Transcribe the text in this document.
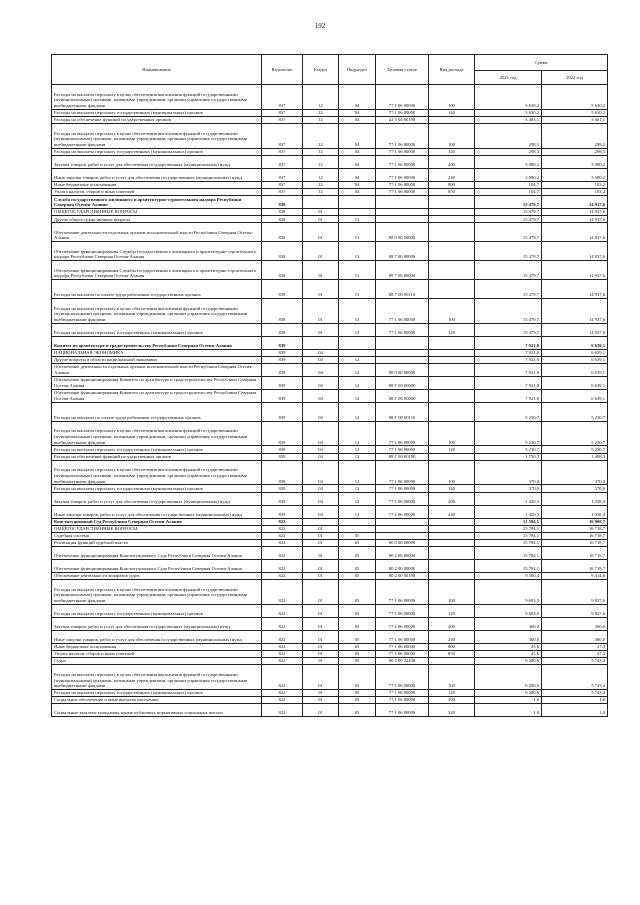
192
Наименование	Ведомство	Раздел	Подраздел	Целевая статья	Вид расхода	Сумма	
						2021 год	2022 год
Расходы на выплаты персоналу в целях обеспечения выполнения функций государственными (муниципальными) органами, казенными учреждениями, органами управления государственными внебюджетными фондами	837	12	04	77 1 06 00000	100	5 630,2	5 630,2
Расходы на выплаты персоналу государственных (муниципальных) органов	837	12	04	77 1 06 00000	120	5 630,2	5 630,2
Расходы на обеспечение функций государственных органов	837	12	04	22 5 04 00190		3 483,1	3 461,1
Расходы на выплаты персоналу в целях обеспечения выполнения функций государственными (муниципальными) органами, казенными учреждениями, органами управления государственными внебюджетными фондами	837	12	04	77 1 06 00000	100	298,3	298,3
Расходы на выплаты персоналу государственных (муниципальных) органов	837	12	04	77 1 06 00000	120	298,3	298,3
Закупка товаров, работ и услуг для обеспечения государственных (муниципальных) нужд	837	12	04	77 1 06 00000	200	3 080,2	3 080,2
Иные закупки товаров, работ и услуг для обеспечения государственных (муниципальных) нужд	837	12	04	77 1 06 00000	240	3 080,2	3 080,2
Иные бюджетные ассигнования	837	12	04	77 1 06 00000	800	104,7	103,2
Уплата налогов, сборов и иных платежей	837	12	04	77 1 06 00000	850	104,7	103,2
Служба государственного жилищного и архитектурно-строительного надзора Республики Северная Осетия-Алания	838					15 479,7	14 937,6
ОБЩЕГОСУДАРСТВЕННЫЕ ВОПРОСЫ	838	01				15 479,7	14 937,6
Другие общегосударственные вопросы	838	01	13			15 479,7	14 937,6
Обеспечение деятельности отдельных органов исполнительной власти Республики Северная Осетия-Алания	838	01	13	88 0 00 00000		15 479,7	14 937,6
Обеспечение функционирования Службы государственного жилищного и архитектурно-строительного надзора Республики Северная Осетия-Алания	838	01	13	88 7 00 00000		15 479,7	14 937,6
Обеспечение функционирования Службы государственного жилищного и архитектурно-строительного надзора Республики Северная Осетия-Алания	838	01	13	88 7 00 00000		15 479,7	14 937,6
Расходы на выплаты по оплате труда работников государственных органов	838	01	13	88 7 00 00110		15 479,7	14 937,6
Расходы на выплаты персоналу в целях обеспечения выполнения функций государственными (муниципальными) органами, казенными учреждениями, органами управления государственными внебюджетными фондами	838	01	13	77 1 06 00000	100	15 479,7	14 937,6
Расходы на выплаты персоналу государственных (муниципальных) органов	838	01	13	77 1 06 00000	120	15 479,7	14 937,6
Комитет по архитектуре и градостроительству Республики Северная Осетия-Алания	839					7 921,0	6 639,1
НАЦИОНАЛЬНАЯ ЭКОНОМИКА	839	04				7 921,0	6 639,1
Другие вопросы в области национальной экономики	839	04	12			7 921,0	6 639,1
Обеспечение деятельности отдельных органов исполнительной власти Республики Северная Осетия-Алания	839	04	12	88 0 00 00000		7 921,0	6 639,1
Обеспечение функционирования Комитета по архитектуре и градостроительству Республики Северная Осетия-Алания	839	04	12	88 Г 00 00000		7 921,0	6 639,1
Обеспечение функционирования Комитета по архитектуре и градостроительству Республики Северная Осетия-Алания	839	04	12	88 Г 00 00000		7 921,0	6 639,1
Расходы на выплаты по оплате труда работников государственных органов	839	04	12	88 Г 00 00110		5 230,7	5 230,7
Расходы на выплаты персоналу в целях обеспечения выполнения функций государственными (муниципальными) органами, казенными учреждениями, органами управления государственными внебюджетными фондами	839	04	12	77 1 06 00000	100	5 230,7	5 230,7
Расходы на выплаты персоналу государственных (муниципальных) органов	839	04	12	77 1 06 00000	120	5 230,7	5 230,7
Расходы на обеспечение функций государственных органов	839	04	12	88 Г 00 00190		1 750,3	1 408,4
Расходы на выплаты персоналу в целях обеспечения выполнения функций государственными (муниципальными) органами, казенными учреждениями, органами управления государственными внебюджетными фондами	839	04	12	77 1 06 00000	100	370,0	370,0
Расходы на выплаты персоналу государственных (муниципальных) органов	839	04	12	77 1 06 00000	120	370,0	370,0
Закупка товаров, работ и услуг для обеспечения государственных (муниципальных) нужд	839	04	12	77 1 06 00000	200	1 420,3	1 038,4
Иные закупки товаров, работ и услуг для обеспечения государственных (муниципальных) нужд	839	04	12	77 1 06 00000	240	1 420,3	1 038,4
Конституционный Суд Республики Северная Осетия-Алания	822					15 584,1	16 968,7
ОБЩЕГОСУДАРСТВЕННЫЕ ВОПРОСЫ	822	01				15 784,1	16 718,7
Судебная система	822	01	05			15 784,1	16 718,7
Реализация функций судебной власти	822	01	05	80 0 00 00000		15 784,1	16 718,7
Обеспечение функционирования Конституционного Суда Республики Северная Осетия-Алания	822	01	05	80 2 00 00000		15 784,1	16 718,7
Обеспечение функционирования Конституционного Суда Республики Северная Осетия-Алания	822	01	05	80 2 00 00000		15 784,1	16 718,7
Обеспечение деятельности аппаратов судов	822	01	05	80 2 00 00190		9 300,4	9 414,6
Расходы на выплаты персоналу в целях обеспечения выполнения функций государственными (муниципальными) органами, казенными учреждениями, органами управления государственными внебюджетными фондами	822	01	05	77 1 06 00000	100	9 693,5	9 827,6
Расходы на выплаты персоналу государственных (муниципальных) органов	822	01	05	77 1 06 00000	120	9 693,5	9 827,6
Закупка товаров, работ и услуг для обеспечения государственных (муниципальных) нужд	822	01	05	77 1 06 00000	200	360,0	360,0
Иные закупки товаров, работ и услуг для обеспечения государственных (муниципальных) нужд	822	01	05	77 1 06 00000	240	360,0	360,0
Иные бюджетные ассигнования	822	01	05	77 1 06 00000	800	25,6	27,3
Уплата налогов, сборов и иных платежей	822	01	05	77 1 06 00000	850	25,6	27,3
Судьи	822	01	05	80 2 00 22440		6 280,6	5 743,4
Расходы на выплаты персоналу в целях обеспечения выполнения функций государственными (муниципальными) органами, казенными учреждениями, органами управления государственными внебюджетными фондами	822	01	05	77 1 06 00000	100	6 280,6	5 743,4
Расходы на выплаты персоналу государственных (муниципальных) органов	822	01	05	77 1 06 00000	120	6 280,6	5 743,4
Социальное обеспечение и иные выплаты населению	822	01	05	77 1 06 00000	300	1,0	1,0
Социальные выплаты гражданам, кроме публичных нормативных социальных выплат	822	01	05	77 1 06 00000	320	1,0	1,0
